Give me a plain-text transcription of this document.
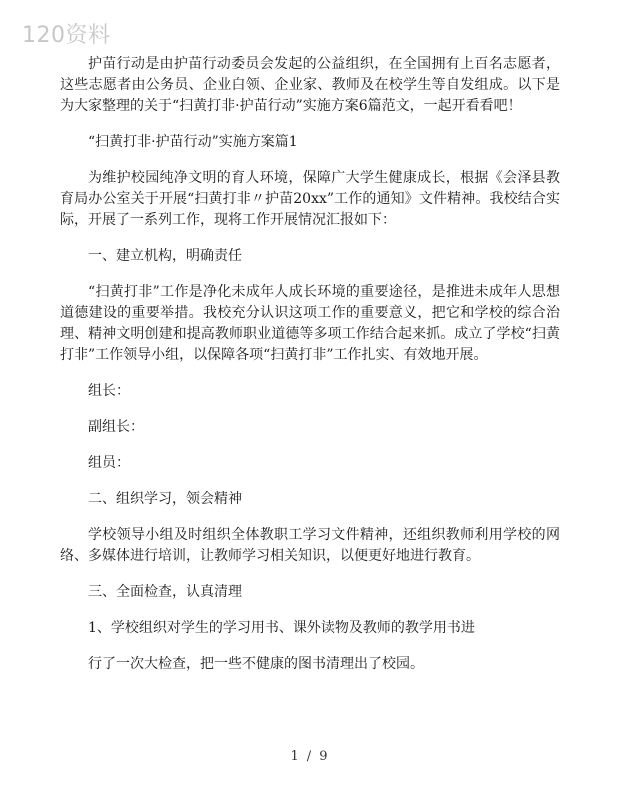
120资料

护苗行动是由护苗行动委员会发起的公益组织，在全国拥有上百名志愿者，这些志愿者由公务员、企业白领、企业家、教师及在校学生等自发组成。以下是为大家整理的关于“扫黄打非·护苗行动”实施方案6篇范文，一起开看看吧！

“扫黄打非·护苗行动”实施方案篇1

为维护校园纯净文明的育人环境，保障广大学生健康成长，根据《会泽县教育局办公室关于开展“扫黄打非〃护苗20xx”工作的通知》文件精神。我校结合实际，开展了一系列工作，现将工作开展情况汇报如下：

一、建立机构，明确责任

“扫黄打非”工作是净化未成年人成长环境的重要途径，是推进未成年人思想道德建设的重要举措。我校充分认识这项工作的重要意义，把它和学校的综合治理、精神文明创建和提高教师职业道德等多项工作结合起来抓。成立了学校“扫黄打非”工作领导小组，以保障各项“扫黄打非”工作扎实、有效地开展。

组长：

副组长：

组员：

二、组织学习，领会精神

学校领导小组及时组织全体教职工学习文件精神，还组织教师利用学校的网络、多媒体进行培训，让教师学习相关知识，以便更好地进行教育。

三、全面检查，认真清理

1、学校组织对学生的学习用书、课外读物及教师的教学用书进

行了一次大检查，把一些不健康的图书清理出了校园。

1 / 9
